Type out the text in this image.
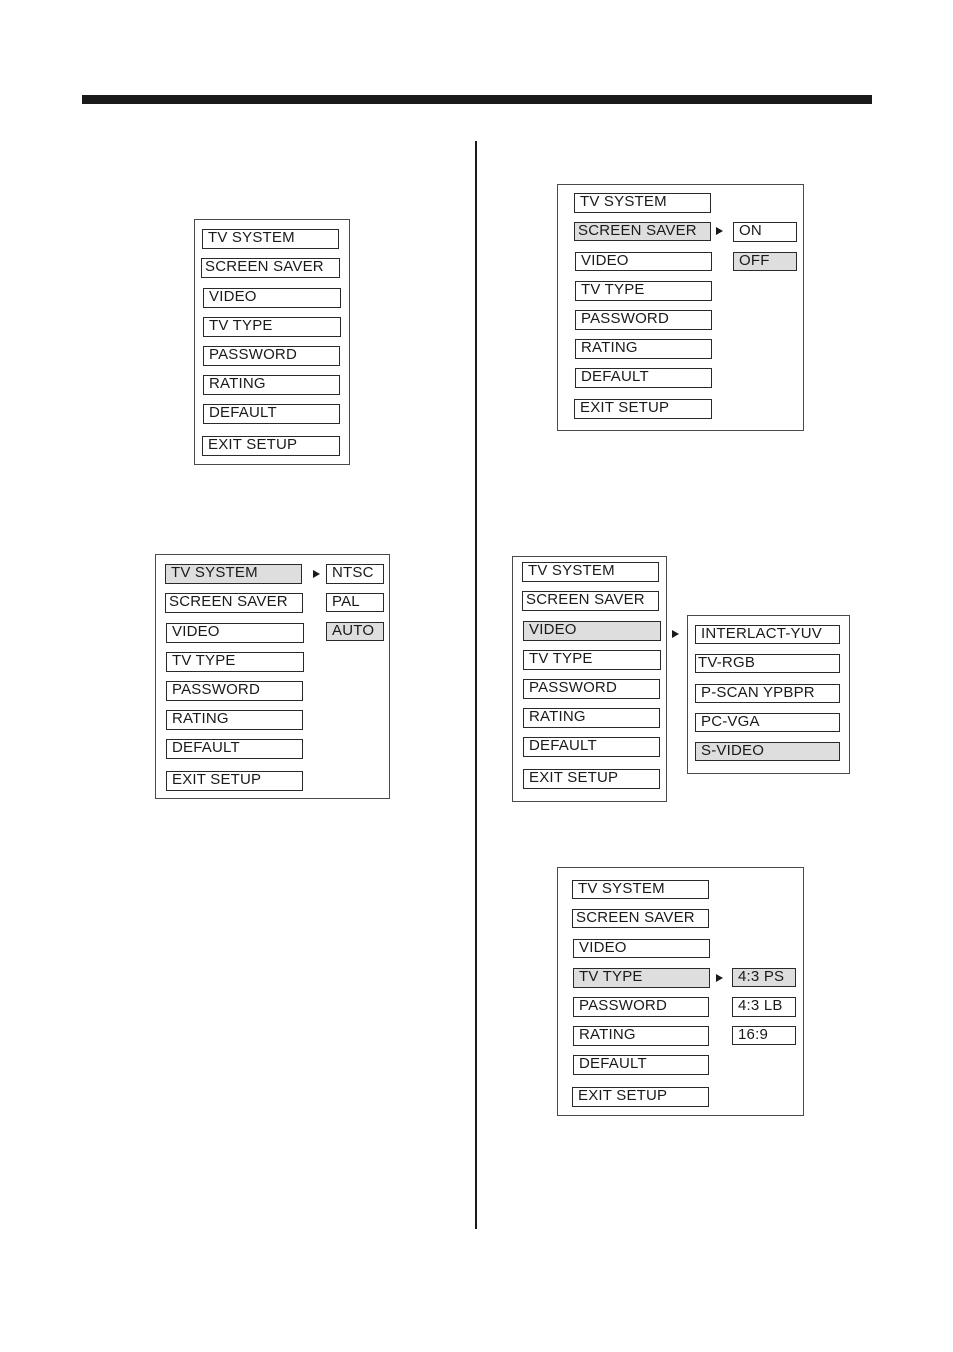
TV SYSTEM
SCREEN SAVER
VIDEO
TV TYPE
PASSWORD
RATING
DEFAULT
EXIT SETUP
TV SYSTEM
SCREEN SAVER
VIDEO
TV TYPE
PASSWORD
RATING
DEFAULT
EXIT SETUP
NTSC
PAL
AUTO
TV SYSTEM
SCREEN SAVER
VIDEO
TV TYPE
PASSWORD
RATING
DEFAULT
EXIT SETUP
ON
OFF
TV SYSTEM
SCREEN SAVER
VIDEO
TV TYPE
PASSWORD
RATING
DEFAULT
EXIT SETUP
INTERLACT-YUV
TV-RGB
P-SCAN YPBPR
PC-VGA
S-VIDEO
TV SYSTEM
SCREEN SAVER
VIDEO
TV TYPE
PASSWORD
RATING
DEFAULT
EXIT SETUP
4:3 PS
4:3 LB
16:9
